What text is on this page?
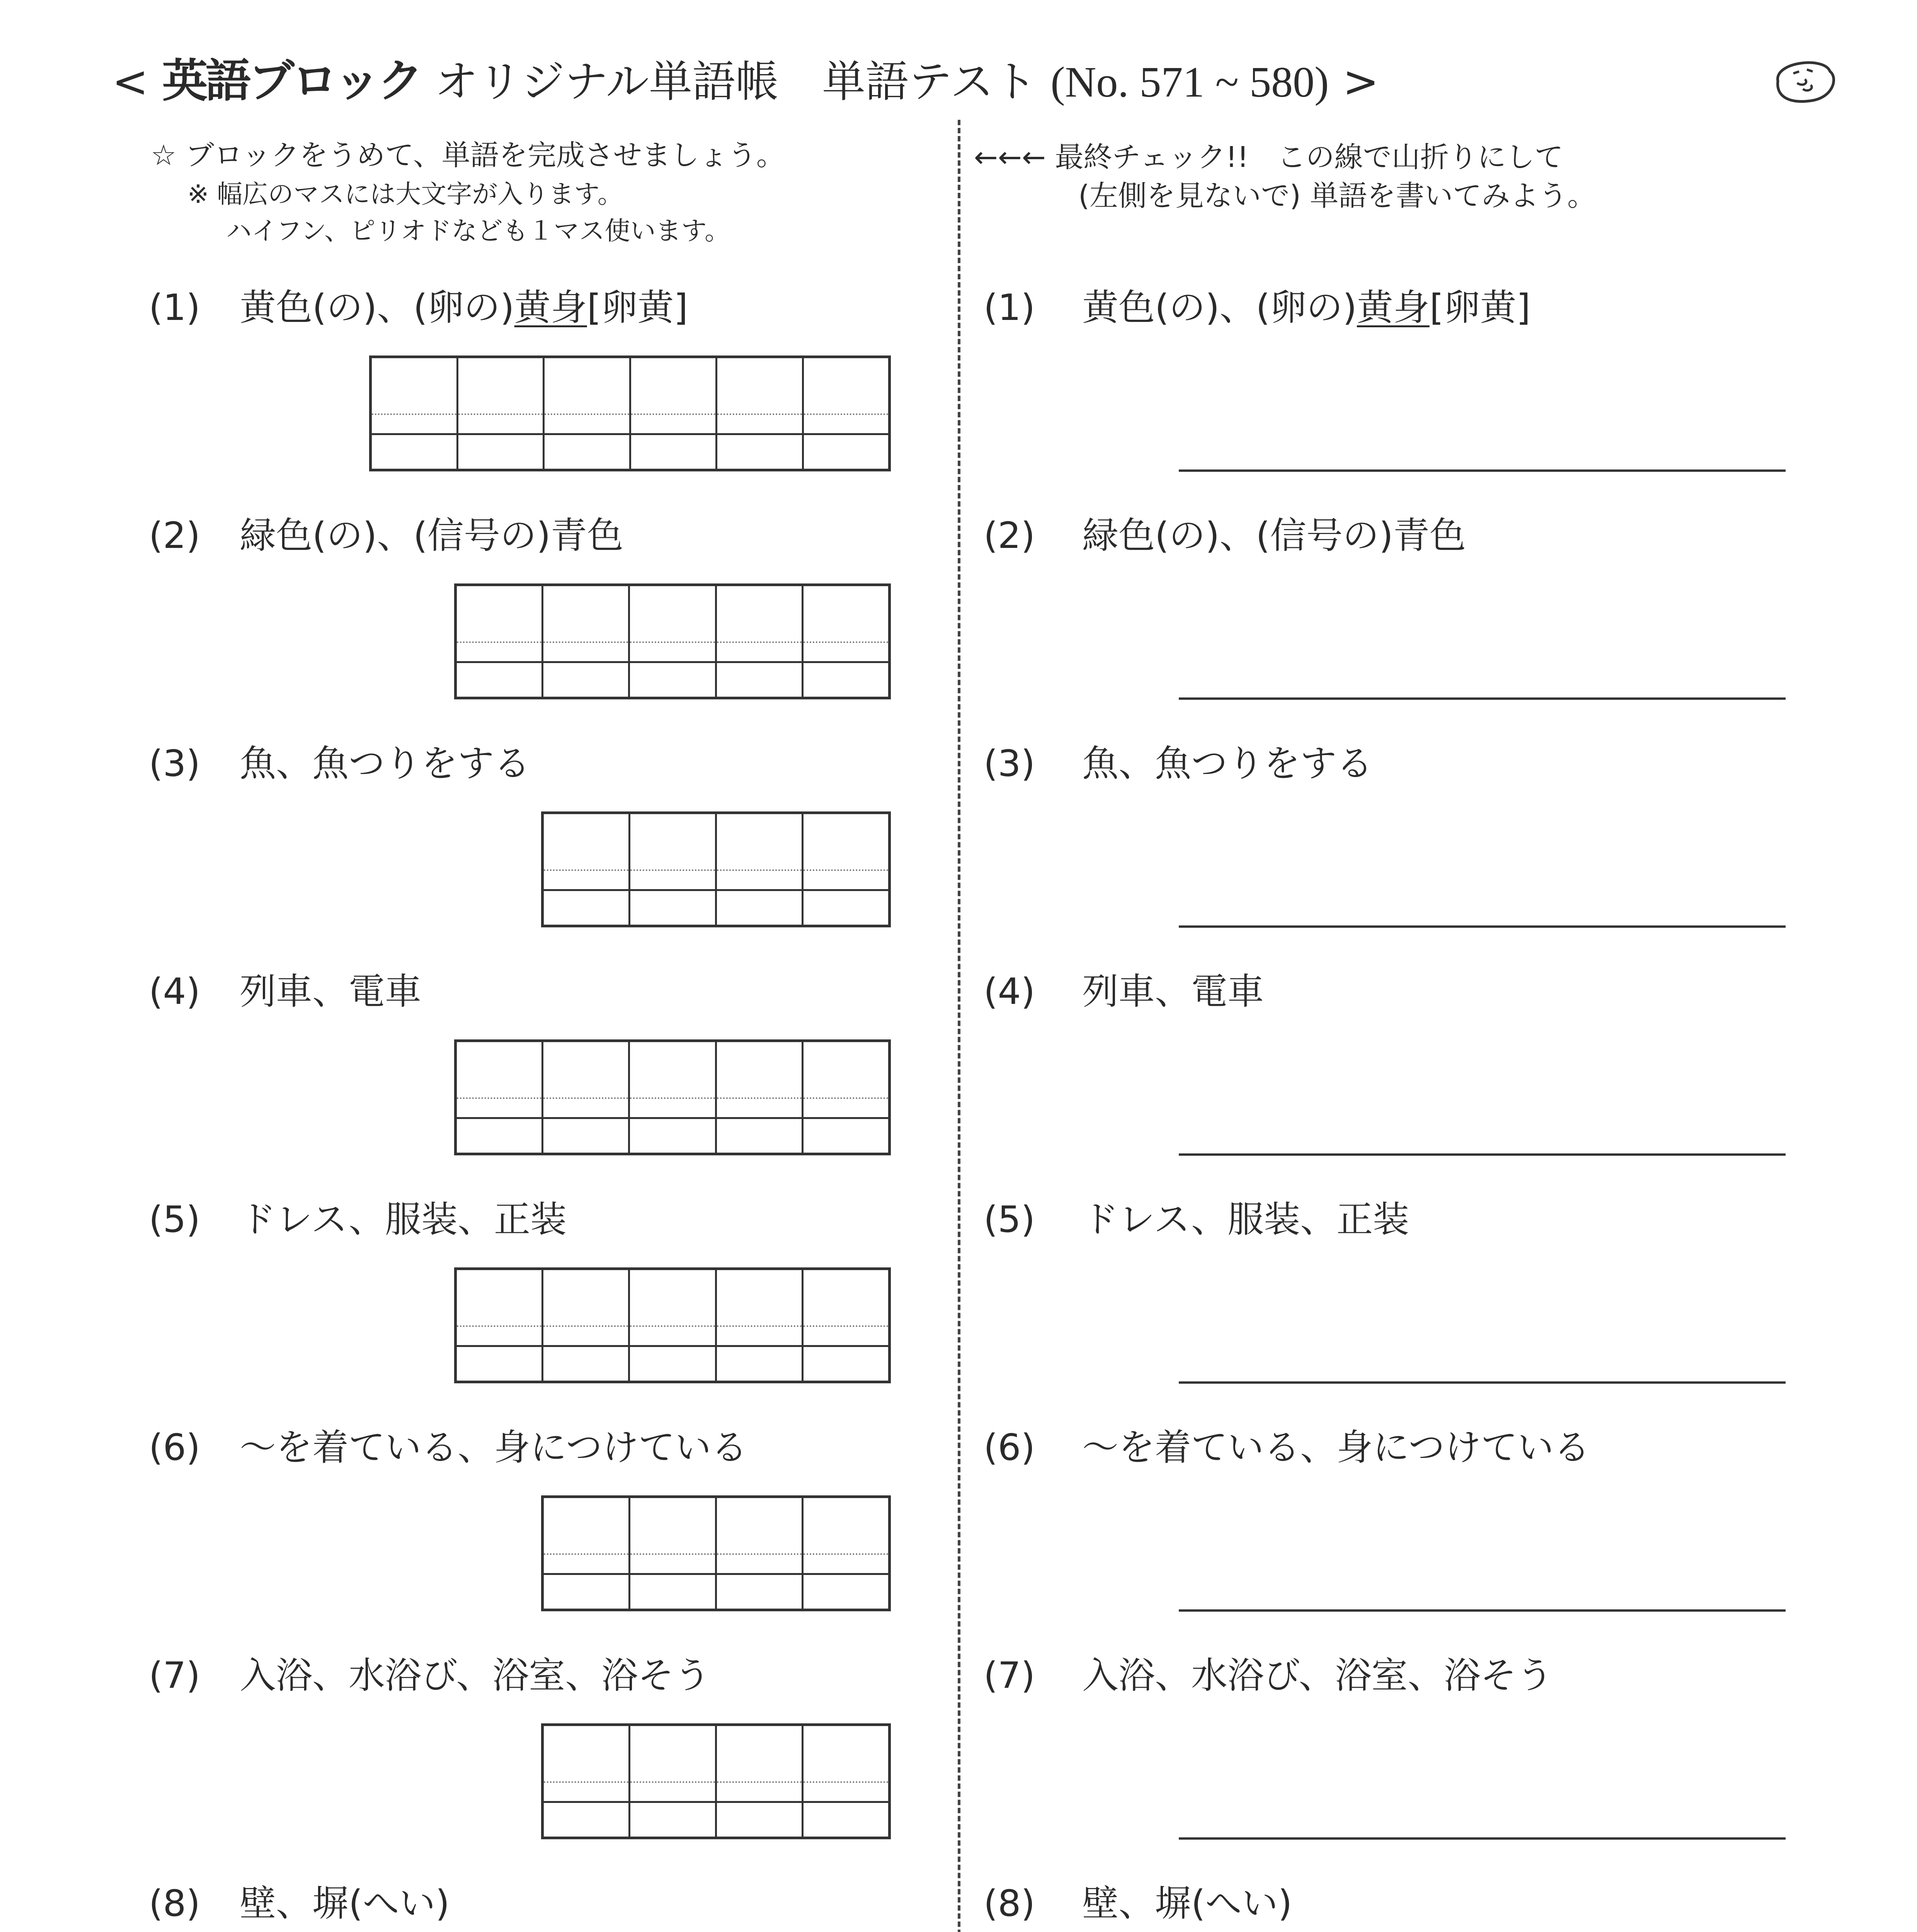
< 英語ブロック オリジナル単語帳　単語テスト (No. 571 ~ 580) >
☆ ブロックをうめて、単語を完成させましょう。
※ 幅広のマスには大文字が入ります。
ハイフン、ピリオドなども１マス使います。
←←← 最終チェック!!　この線で山折りにして
(左側を見ないで) 単語を書いてみよう。
(1) 黄色(の)、(卵の)黄身[卵黄]	(1) 黄色(の)、(卵の)黄身[卵黄]
(2) 緑色(の)、(信号の)青色	(2) 緑色(の)、(信号の)青色
(3) 魚、魚つりをする	(3) 魚、魚つりをする
(4) 列車、電車	(4) 列車、電車
(5) ドレス、服装、正装	(5) ドレス、服装、正装
(6) 〜を着ている、身につけている	(6) 〜を着ている、身につけている
(7) 入浴、水浴び、浴室、浴そう	(7) 入浴、水浴び、浴室、浴そう
(8) 壁、塀(へい)	(8) 壁、塀(へい)
